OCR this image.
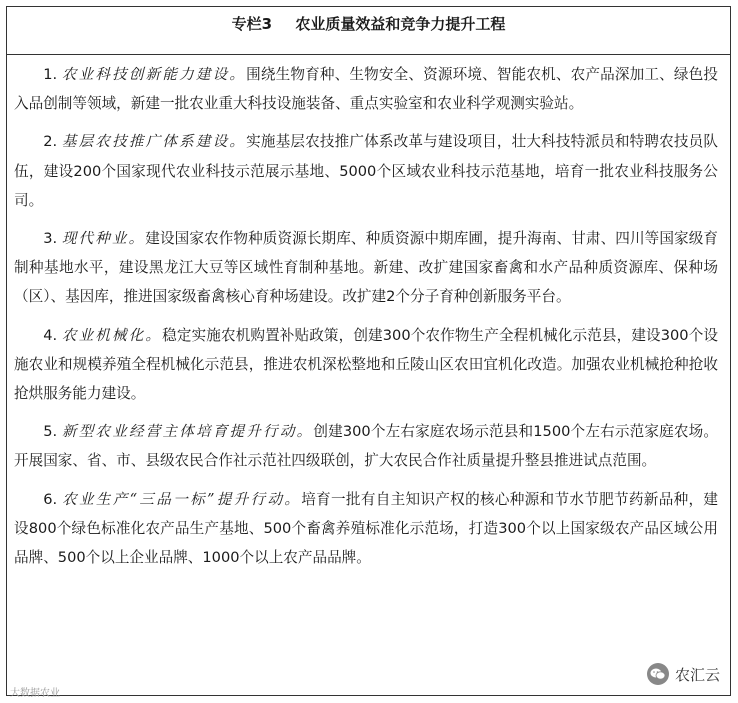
专栏3 农业质量效益和竞争力提升工程

1. 农业科技创新能力建设。围绕生物育种、生物安全、资源环境、智能农机、农产品深加工、绿色投入品创制等领域，新建一批农业重大科技设施装备、重点实验室和农业科学观测实验站。

2. 基层农技推广体系建设。实施基层农技推广体系改革与建设项目，壮大科技特派员和特聘农技员队伍，建设200个国家现代农业科技示范展示基地、5000个区域农业科技示范基地，培育一批农业科技服务公司。

3. 现代种业。建设国家农作物种质资源长期库、种质资源中期库圃，提升海南、甘肃、四川等国家级育制种基地水平，建设黑龙江大豆等区域性育制种基地。新建、改扩建国家畜禽和水产品种质资源库、保种场（区）、基因库，推进国家级畜禽核心育种场建设。改扩建2个分子育种创新服务平台。

4. 农业机械化。稳定实施农机购置补贴政策，创建300个农作物生产全程机械化示范县，建设300个设施农业和规模养殖全程机械化示范县，推进农机深松整地和丘陵山区农田宜机化改造。加强农业机械抢种抢收抢烘服务能力建设。

5. 新型农业经营主体培育提升行动。创建300个左右家庭农场示范县和1500个左右示范家庭农场。开展国家、省、市、县级农民合作社示范社四级联创，扩大农民合作社质量提升整县推进试点范围。

6. 农业生产“三品一标”提升行动。培育一批有自主知识产权的核心种源和节水节肥节药新品种，建设800个绿色标准化农产品生产基地、500个畜禽养殖标准化示范场，打造300个以上国家级农产品区域公用品牌、500个以上企业品牌、1000个以上农产品品牌。

农汇云
大数据农业
